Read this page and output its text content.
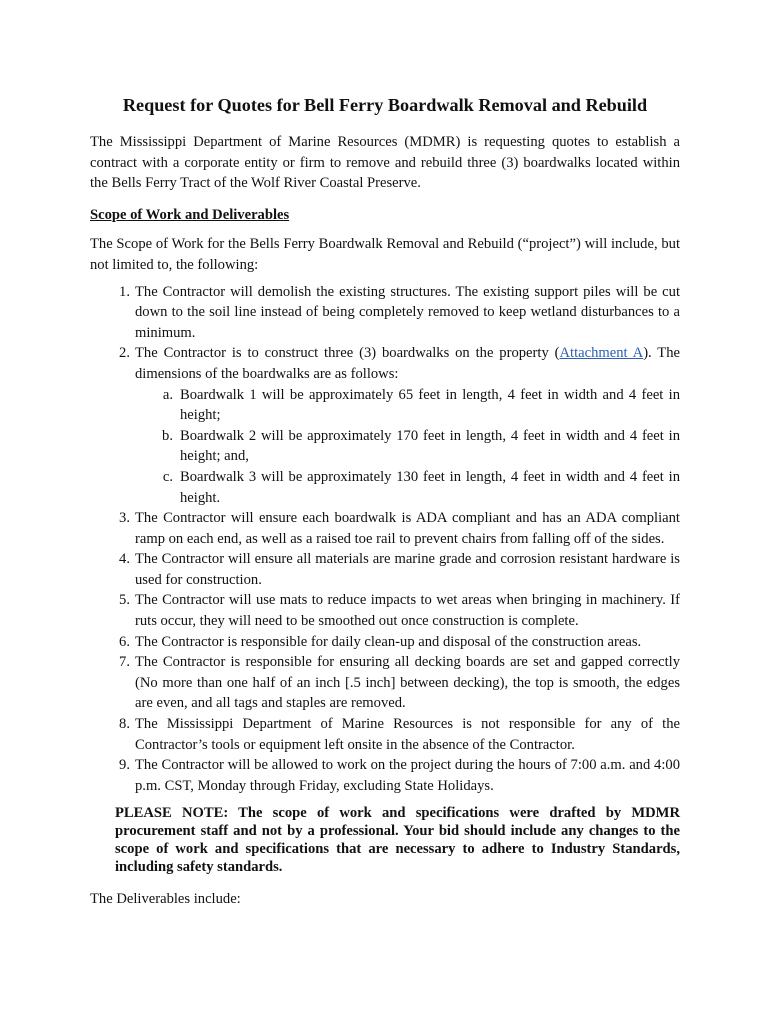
Request for Quotes for Bell Ferry Boardwalk Removal and Rebuild

The Mississippi Department of Marine Resources (MDMR) is requesting quotes to establish a contract with a corporate entity or firm to remove and rebuild three (3) boardwalks located within the Bells Ferry Tract of the Wolf River Coastal Preserve.

Scope of Work and Deliverables

The Scope of Work for the Bells Ferry Boardwalk Removal and Rebuild (“project”) will include, but not limited to, the following:

1. The Contractor will demolish the existing structures. The existing support piles will be cut down to the soil line instead of being completely removed to keep wetland disturbances to a minimum.
2. The Contractor is to construct three (3) boardwalks on the property (Attachment A). The dimensions of the boardwalks are as follows:
a. Boardwalk 1 will be approximately 65 feet in length, 4 feet in width and 4 feet in height;
b. Boardwalk 2 will be approximately 170 feet in length, 4 feet in width and 4 feet in height; and,
c. Boardwalk 3 will be approximately 130 feet in length, 4 feet in width and 4 feet in height.
3. The Contractor will ensure each boardwalk is ADA compliant and has an ADA compliant ramp on each end, as well as a raised toe rail to prevent chairs from falling off of the sides.
4. The Contractor will ensure all materials are marine grade and corrosion resistant hardware is used for construction.
5. The Contractor will use mats to reduce impacts to wet areas when bringing in machinery. If ruts occur, they will need to be smoothed out once construction is complete.
6. The Contractor is responsible for daily clean-up and disposal of the construction areas.
7. The Contractor is responsible for ensuring all decking boards are set and gapped correctly (No more than one half of an inch [.5 inch] between decking), the top is smooth, the edges are even, and all tags and staples are removed.
8. The Mississippi Department of Marine Resources is not responsible for any of the Contractor’s tools or equipment left onsite in the absence of the Contractor.
9. The Contractor will be allowed to work on the project during the hours of 7:00 a.m. and 4:00 p.m. CST, Monday through Friday, excluding State Holidays.

PLEASE NOTE: The scope of work and specifications were drafted by MDMR procurement staff and not by a professional. Your bid should include any changes to the scope of work and specifications that are necessary to adhere to Industry Standards, including safety standards.

The Deliverables include:
